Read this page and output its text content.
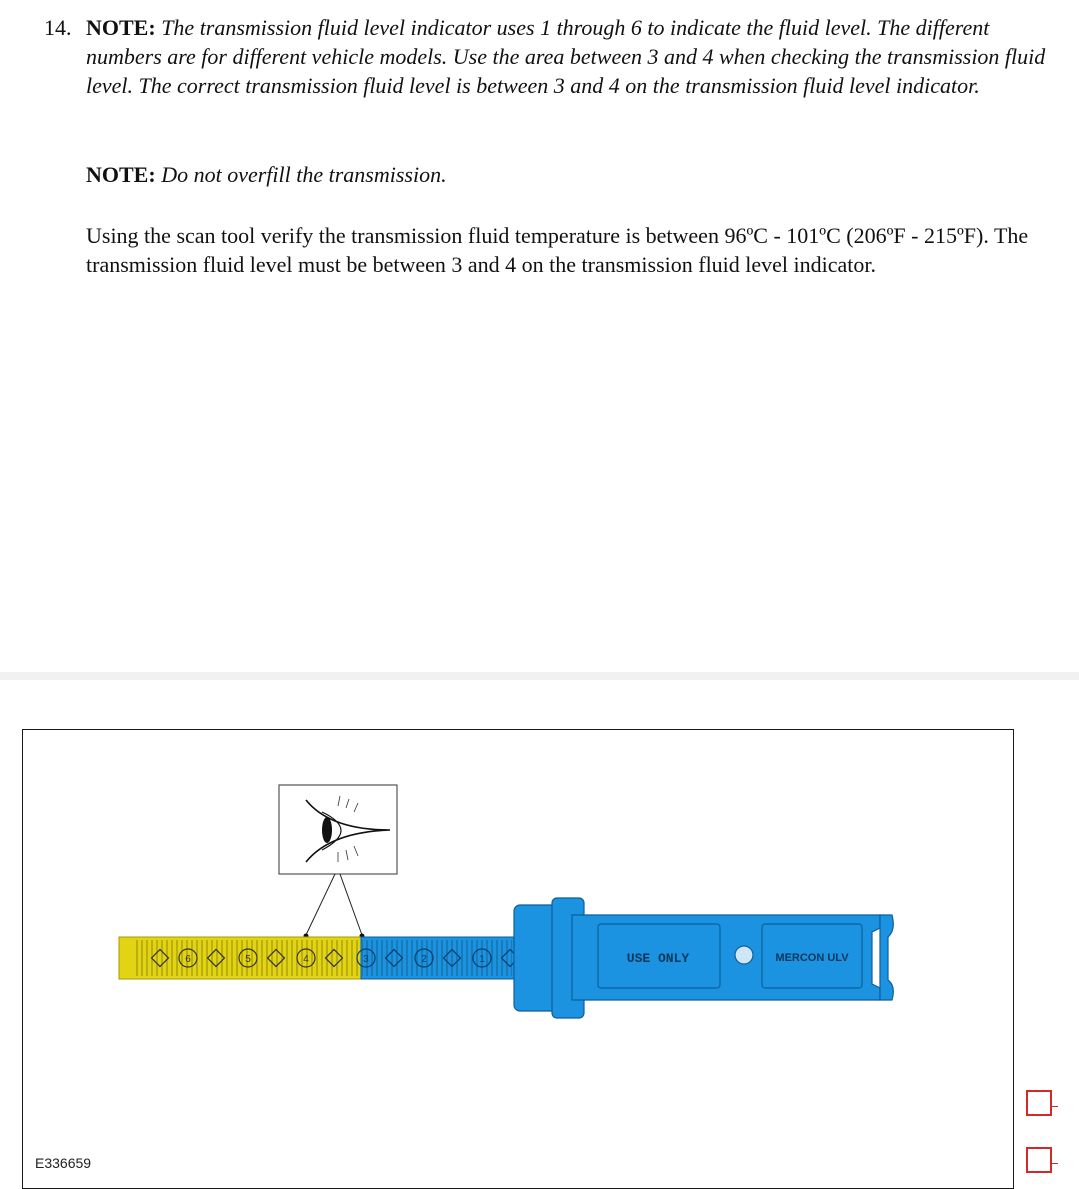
14. NOTE: The transmission fluid level indicator uses 1 through 6 to indicate the fluid level. The different numbers are for different vehicle models. Use the area between 3 and 4 when checking the transmission fluid level. The correct transmission fluid level is between 3 and 4 on the transmission fluid level indicator.

NOTE: Do not overfill the transmission.

Using the scan tool verify the transmission fluid temperature is between 96ºC - 101ºC (206ºF - 215ºF). The transmission fluid level must be between 3 and 4 on the transmission fluid level indicator.

6	5	4	3	2	1	USE ONLY	MERCON ULV
E336659
